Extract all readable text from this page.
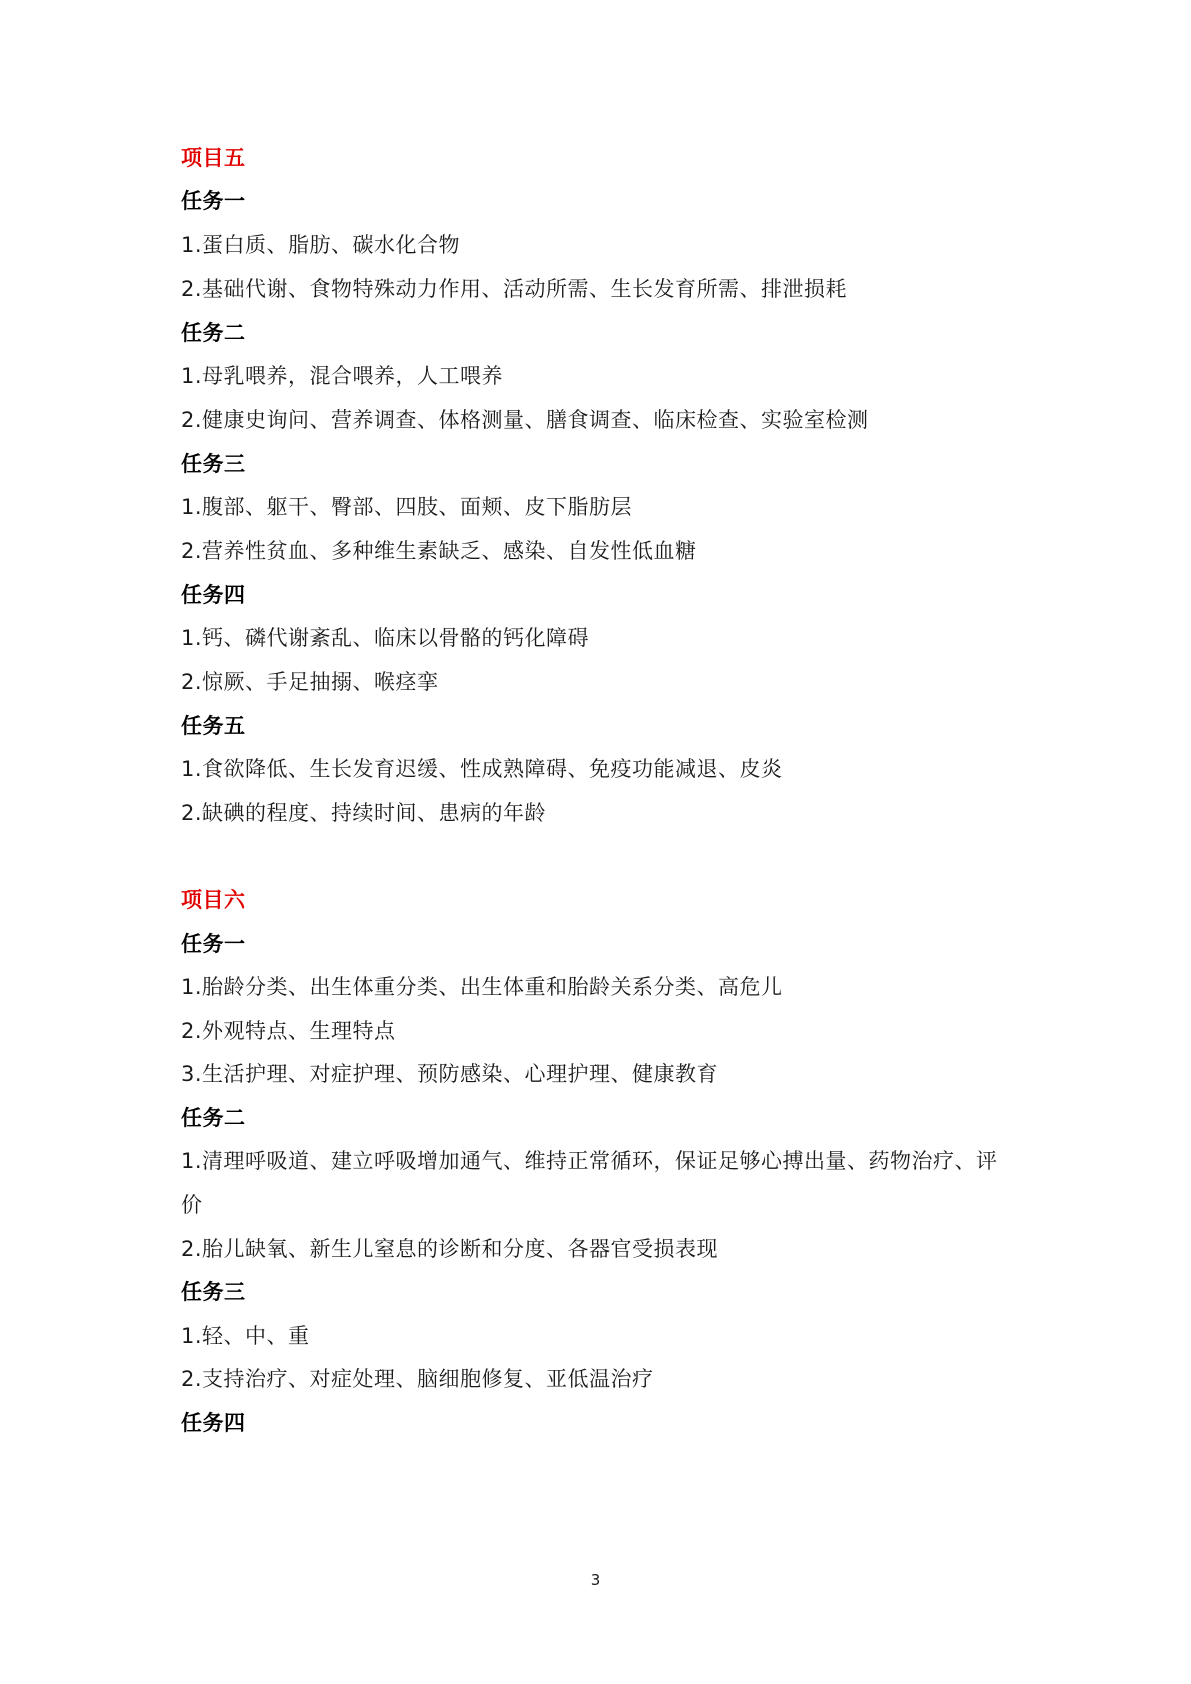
项目五
任务一
1.蛋白质、脂肪、碳水化合物
2.基础代谢、食物特殊动力作用、活动所需、生长发育所需、排泄损耗
任务二
1.母乳喂养，混合喂养，人工喂养
2.健康史询问、营养调查、体格测量、膳食调查、临床检查、实验室检测
任务三
1.腹部、躯干、臀部、四肢、面颊、皮下脂肪层
2.营养性贫血、多种维生素缺乏、感染、自发性低血糖
任务四
1.钙、磷代谢紊乱、临床以骨骼的钙化障碍
2.惊厥、手足抽搦、喉痉挛
任务五
1.食欲降低、生长发育迟缓、性成熟障碍、免疫功能减退、皮炎
2.缺碘的程度、持续时间、患病的年龄
项目六
任务一
1.胎龄分类、出生体重分类、出生体重和胎龄关系分类、高危儿
2.外观特点、生理特点
3.生活护理、对症护理、预防感染、心理护理、健康教育
任务二
1.清理呼吸道、建立呼吸增加通气、维持正常循环，保证足够心搏出量、药物治疗、评
价
2.胎儿缺氧、新生儿窒息的诊断和分度、各器官受损表现
任务三
1.轻、中、重
2.支持治疗、对症处理、脑细胞修复、亚低温治疗
任务四
3
